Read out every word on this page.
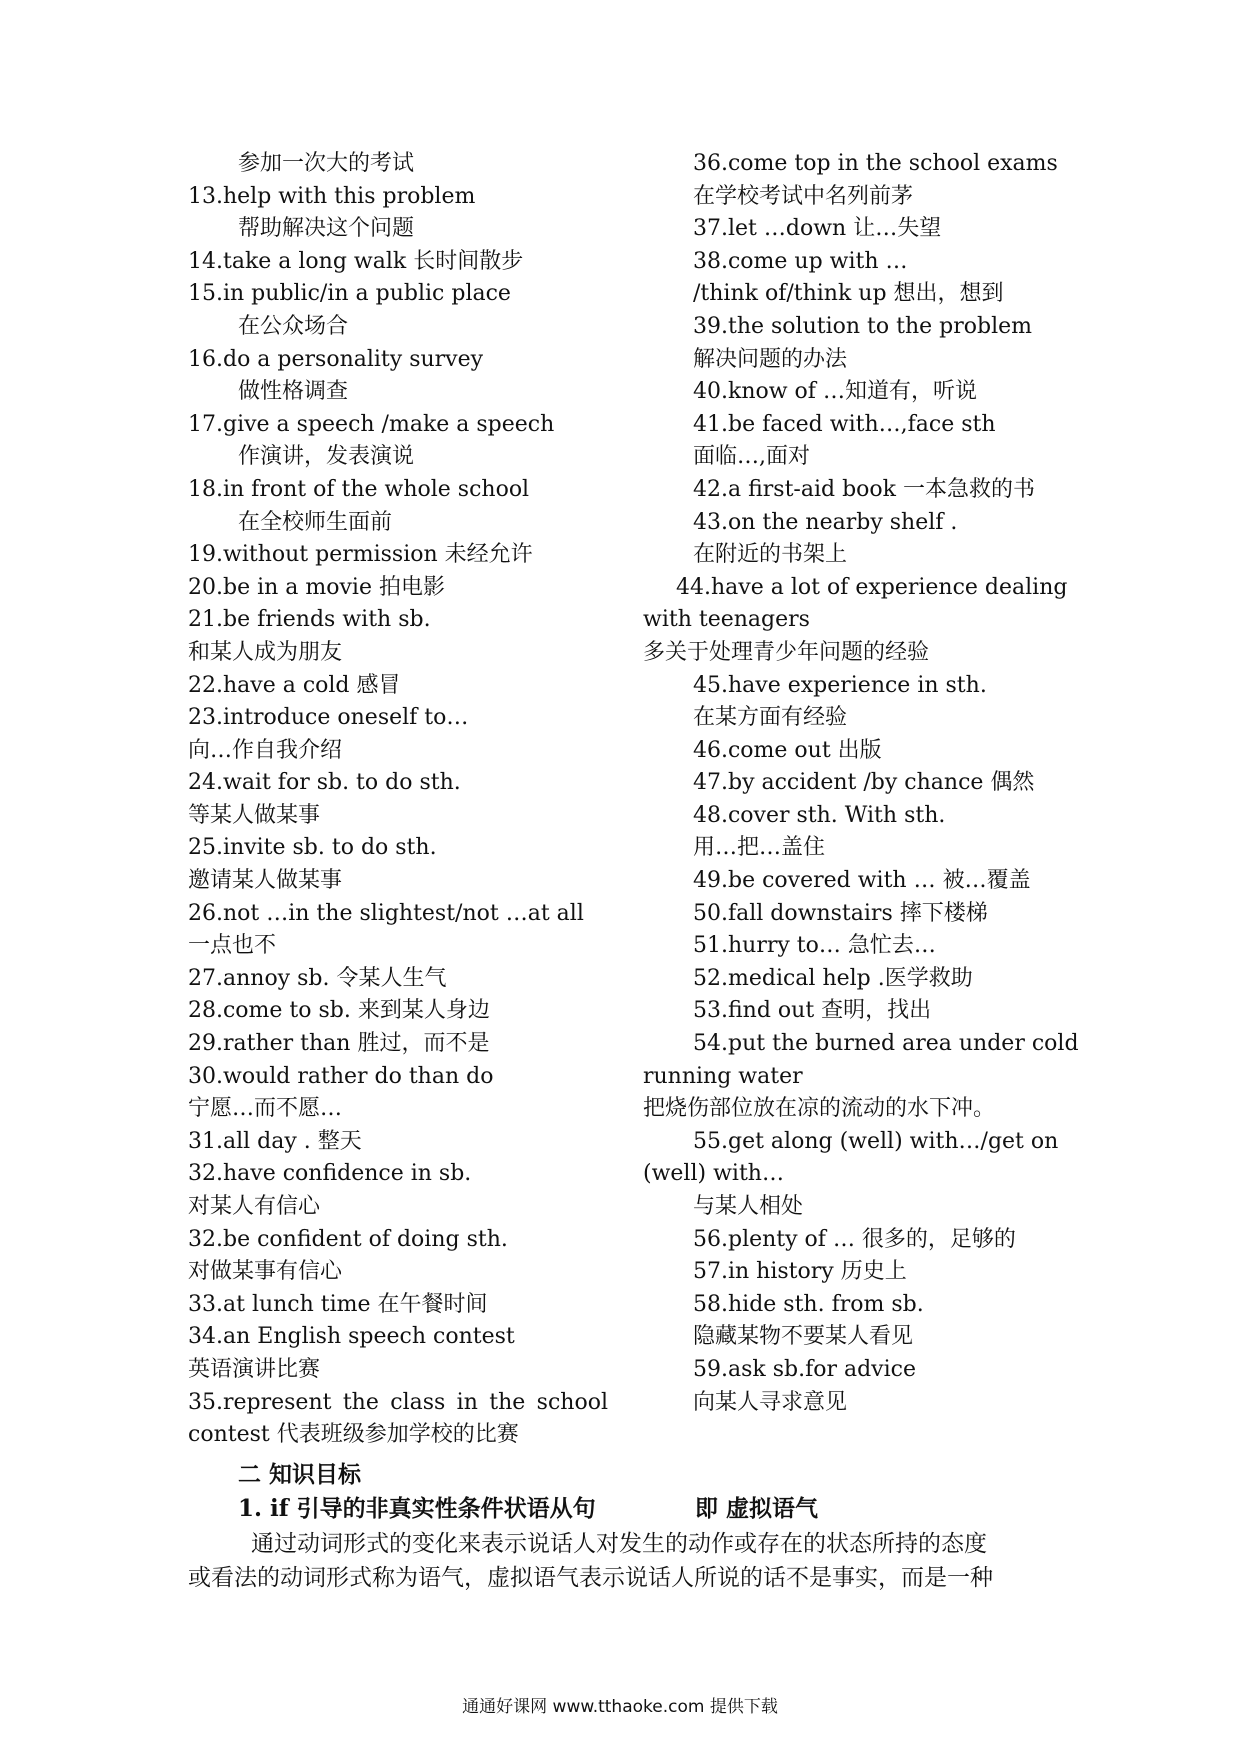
参加一次大的考试
13.help with this problem
帮助解决这个问题
14.take a long walk 长时间散步
15.in public/in a public place
在公众场合
16.do a personality survey
做性格调查
17.give a speech /make a speech
作演讲，发表演说
18.in front of the whole school
在全校师生面前
19.without permission 未经允许
20.be in a movie 拍电影
21.be friends with sb.
和某人成为朋友
22.have a cold 感冒
23.introduce oneself to…
向…作自我介绍
24.wait for sb. to do sth.
等某人做某事
25.invite sb. to do sth.
邀请某人做某事
26.not …in the slightest/not …at all
一点也不
27.annoy sb. 令某人生气
28.come to sb. 来到某人身边
29.rather than 胜过，而不是
30.would rather do than do
宁愿…而不愿…
31.all day . 整天
32.have confidence in sb.
对某人有信心
32.be confident of doing sth.
对做某事有信心
33.at lunch time 在午餐时间
34.an English speech contest
英语演讲比赛
35.represent the class in the school
contest 代表班级参加学校的比赛
36.come top in the school exams
在学校考试中名列前茅
37.let …down 让…失望
38.come up with …
/think of/think up 想出，想到
39.the solution to the problem
解决问题的办法
40.know of …知道有，听说
41.be faced with…,face sth
面临…,面对
42.a first-aid book 一本急救的书
43.on the nearby shelf .
在附近的书架上
44.have a lot of experience dealing
with teenagers
多关于处理青少年问题的经验
45.have experience in sth.
在某方面有经验
46.come out 出版
47.by accident /by chance 偶然
48.cover sth. With sth.
用…把…盖住
49.be covered with … 被…覆盖
50.fall downstairs 摔下楼梯
51.hurry to… 急忙去…
52.medical help .医学救助
53.find out 查明，找出
54.put the burned area under cold
running water
把烧伤部位放在凉的流动的水下冲。
55.get along (well) with…/get on
(well) with…
与某人相处
56.plenty of … 很多的，足够的
57.in history 历史上
58.hide sth. from sb.
隐藏某物不要某人看见
59.ask sb.for advice
向某人寻求意见
二 知识目标
1. if 引导的非真实性条件状语从句	即 虚拟语气
通过动词形式的变化来表示说话人对发生的动作或存在的状态所持的态度
或看法的动词形式称为语气，虚拟语气表示说话人所说的话不是事实，而是一种
通通好课网 www.tthaoke.com 提供下载
